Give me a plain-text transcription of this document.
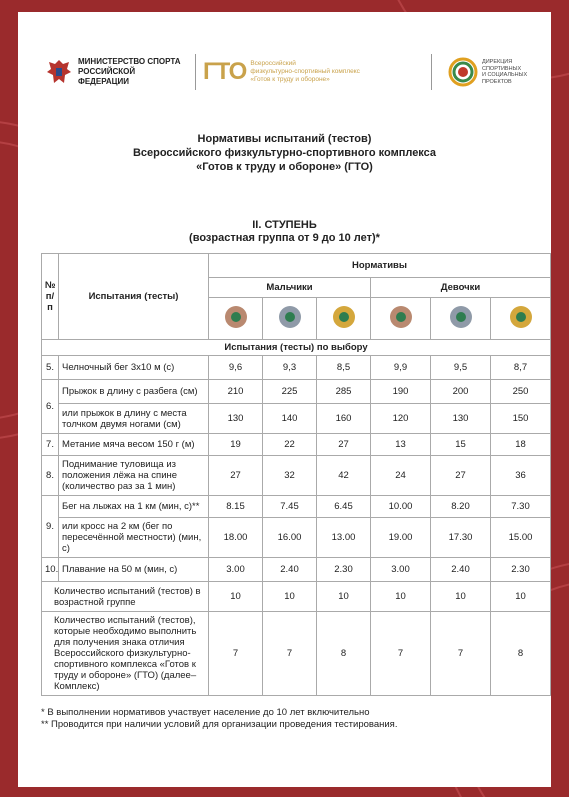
МИНИСТЕРСТВО СПОРТА
РОССИЙСКОЙ ФЕДЕРАЦИИ	ГТО Всероссийский
физкультурно-спортивный комплекс
«Готов к труду и обороне»
ДИРЕКЦИЯ
СПОРТИВНЫХ
И СОЦИАЛЬНЫХ
ПРОЕКТОВ
Нормативы испытаний (тестов)
Всероссийского физкультурно-спортивного комплекса
«Готов к труду и обороне» (ГТО)
II. СТУПЕНЬ
(возрастная группа от 9 до 10 лет)*
№ п/п	Испытания (тесты)	Нормативы					
		Мальчики			Девочки		

Испытания (тесты) по выбору							
5.	Челночный бег 3х10 м (с)	9,6	9,3	8,5	9,9	9,5	8,7
6.	Прыжок в длину с разбега (см)	210	225	285	190	200	250
	или прыжок в длину с места толчком двумя ногами (см)	130	140	160	120	130	150
7.	Метание мяча весом 150 г (м)	19	22	27	13	15	18
8.	Поднимание туловища из положения лёжа на спине (количество раз за 1 мин)	27	32	42	24	27	36
9.	Бег на лыжах на 1 км (мин, с)**	8.15	7.45	6.45	10.00	8.20	7.30
	или кросс на 2 км (бег по пересечённой местности) (мин, с)	18.00	16.00	13.00	19.00	17.30	15.00
10.	Плавание на 50 м (мин, с)	3.00	2.40	2.30	3.00	2.40	2.30
Количество испытаний (тестов) в возрастной группе		10	10	10	10	10	10
Количество испытаний (тестов), которые необходимо выполнить для получения знака отличия Всероссийского физкультурно-спортивного комплекса «Готов к труду и обороне» (ГТО) (далее–Комплекс)		7	7	8	7	7	8
* В выполнении нормативов участвует население до 10 лет включительно
** Проводится при наличии условий для организации проведения тестирования.
